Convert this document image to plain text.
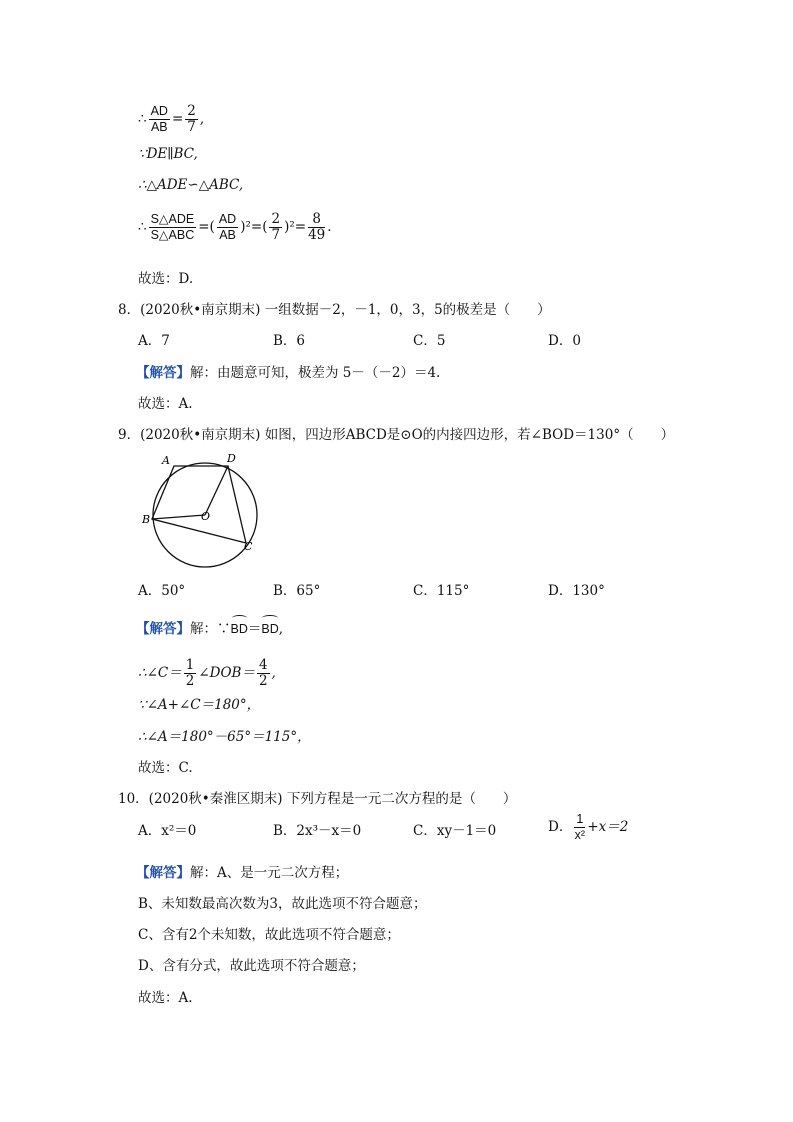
∴ $\frac{AD}{AB} = \frac{2}{7}$ ,
∵DE∥BC,
∴△ADE∽△ABC,
∴ $\frac{\text{S△ADE}}{\text{S△ABC}}$ =( $\frac{AD}{AB} )^2=( \frac{2}{7} )^2= \frac{8}{49}$ .
故选：D.
8．(2020秋•南京期末) 一组数据－2，－1，0，3，5的极差是（　　）
A．7	B．6	C．5	D．0
【解答】解：由题意可知，极差为 5－（－2）＝4.
故选：A.
9．(2020秋•南京期末) 如图，四边形ABCD是⊙O的内接四边形，若∠BOD＝130°（　　）
A	D
B	O
C
A．50°	B．65°	C．115°	D．130°
【解答】解：∵BD＝BD,
∴∠C＝ $\frac{1}{2}$ ∠DOB＝ $\frac{4}{2}$ ,
∵∠A+∠C＝180°，
∴∠A＝180°－65°＝115°，
故选：C.
10．(2020秋•秦淮区期末) 下列方程是一元二次方程的是（　　）
A．x²＝0	B．2x³－x＝0	C．xy－1＝0	D． $\frac{1}{\text{x²}} +x=2$
【解答】解：A、是一元二次方程；
B、未知数最高次数为3，故此选项不符合题意；
C、含有2个未知数，故此选项不符合题意；
D、含有分式，故此选项不符合题意；
故选：A.
